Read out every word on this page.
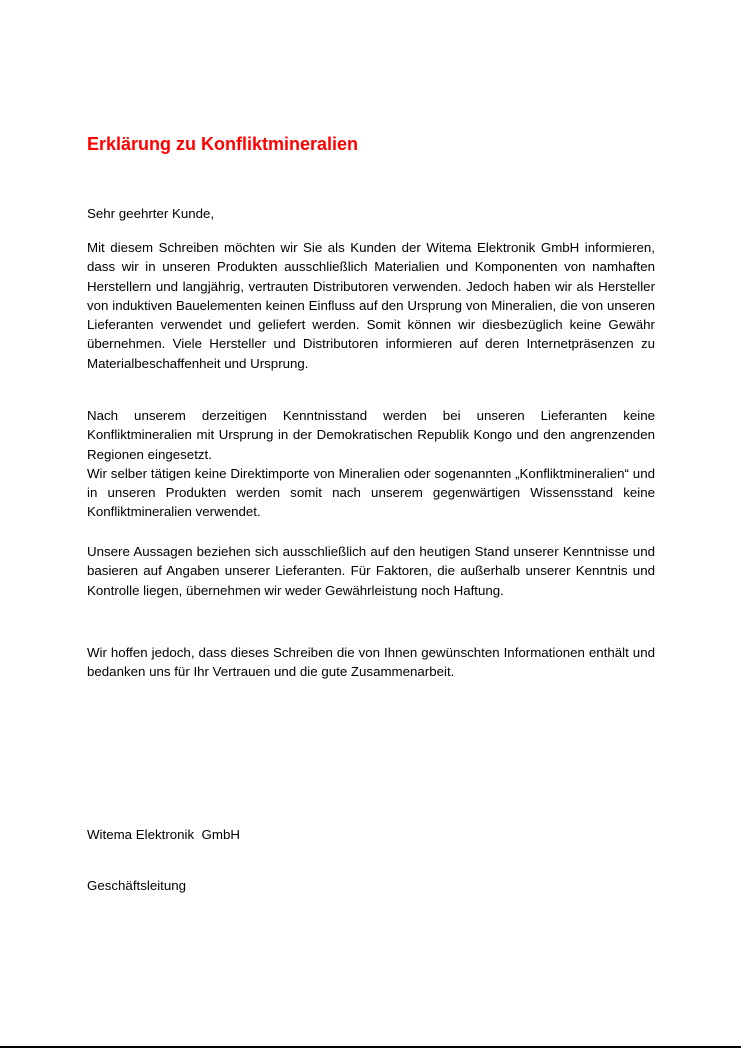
Erklärung zu Konfliktmineralien

Sehr geehrter Kunde,

Mit diesem Schreiben möchten wir Sie als Kunden der Witema Elektronik GmbH informieren, dass wir in unseren Produkten ausschließlich Materialien und Komponenten von namhaften Herstellern und langjährig, vertrauten Distributoren verwenden. Jedoch haben wir als Hersteller von induktiven Bauelementen keinen Einfluss auf den Ursprung von Mineralien, die von unseren Lieferanten verwendet und geliefert werden. Somit können wir diesbezüglich keine Gewähr übernehmen. Viele Hersteller und Distributoren informieren auf deren Internetpräsenzen zu Materialbeschaffenheit und Ursprung.

Nach unserem derzeitigen Kenntnisstand werden bei unseren Lieferanten keine Konfliktmineralien mit Ursprung in der Demokratischen Republik Kongo und den angrenzenden Regionen eingesetzt.

Wir selber tätigen keine Direktimporte von Mineralien oder sogenannten „Konfliktmineralien“ und in unseren Produkten werden somit nach unserem gegenwärtigen Wissensstand keine Konfliktmineralien verwendet.

Unsere Aussagen beziehen sich ausschließlich auf den heutigen Stand unserer Kenntnisse und basieren auf Angaben unserer Lieferanten. Für Faktoren, die außerhalb unserer Kenntnis und Kontrolle liegen, übernehmen wir weder Gewährleistung noch Haftung.

Wir hoffen jedoch, dass dieses Schreiben die von Ihnen gewünschten Informationen enthält und bedanken uns für Ihr Vertrauen und die gute Zusammenarbeit.

Witema Elektronik  GmbH

Geschäftsleitung
